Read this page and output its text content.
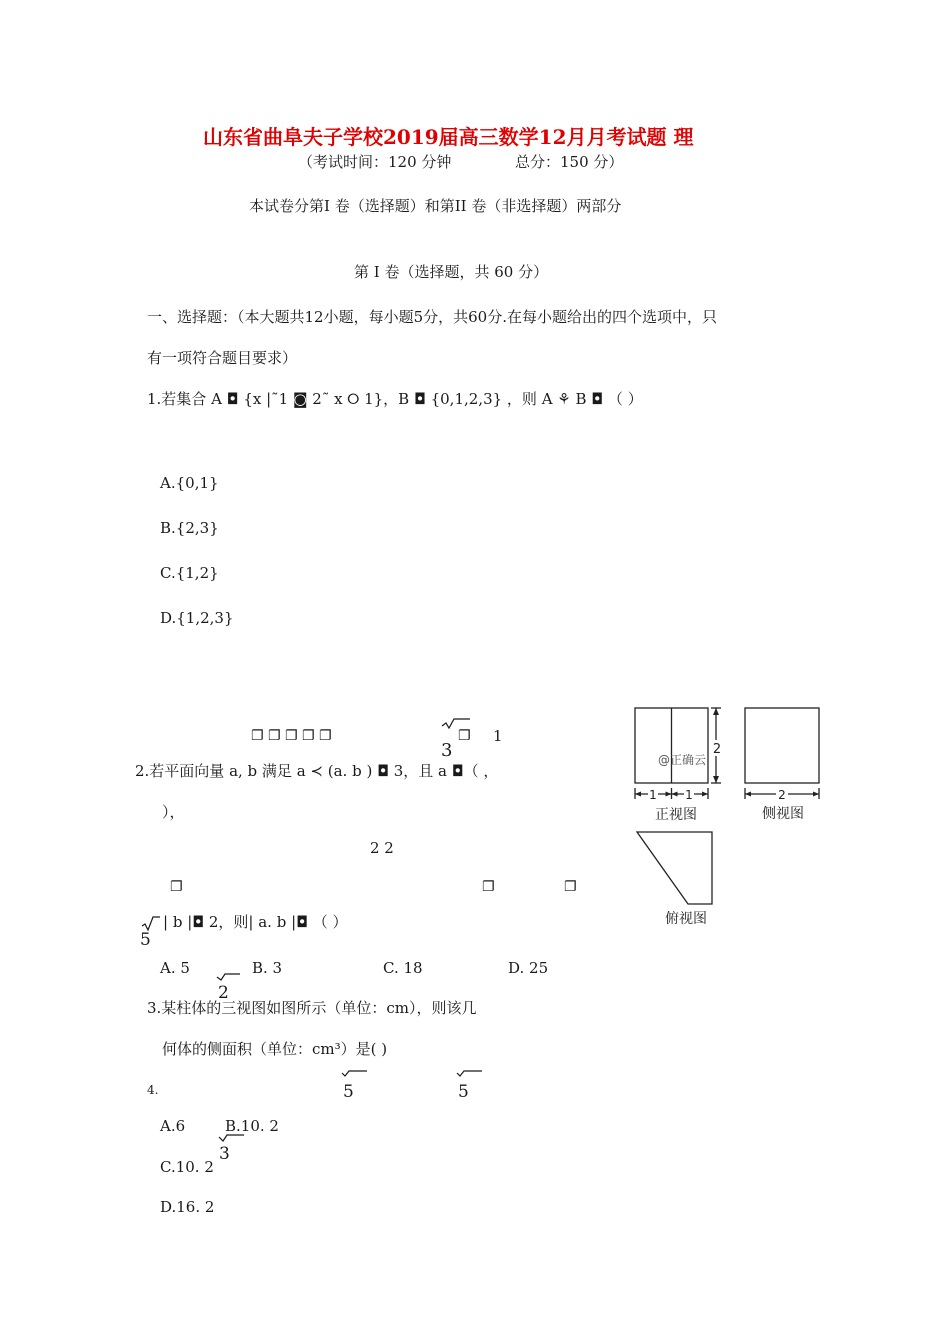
山东省曲阜夫子学校2019届高三数学12月月考试题 理
（考试时间：120 分钟	总分：150 分）
本试卷分第I 卷（选择题）和第II 卷（非选择题）两部分
第 I 卷（选择题，共 60 分）
一、选择题：（本大题共12小题，每小题5分，共60分.在每小题给出的四个选项中，只
有一项符合题目要求）
1.若集合 A ◘ {x |˜1 ◙ 2˜ x ⭘ 1}，B ◘ {0,1,2,3} ，则 A ⚘ B ◘ （ ）
A.{0,1}
B.{2,3}
C.{1,2}
D.{1,2,3}
❐ ❐ ❐ ❐ ❐
3
❐ 1
2.若平面向量 a, b 满足 a ≺ (a. b ) ◘ 3，且 a ◘（ ，
），
2 2
❐	❐	❐
5
| b |◘ 2，则| a. b |◘ （ ）
A. 5	B. 3	C. 18	D. 25
2
3.某柱体的三视图如图所示（单位：cm），则该几
何体的侧面积（单位：cm³）是( )
4.	5	5
A.6	B.10. 2
3
C.10. 2
D.16. 2
2
1 1	2
@正确云
正视图	侧视图
俯视图
